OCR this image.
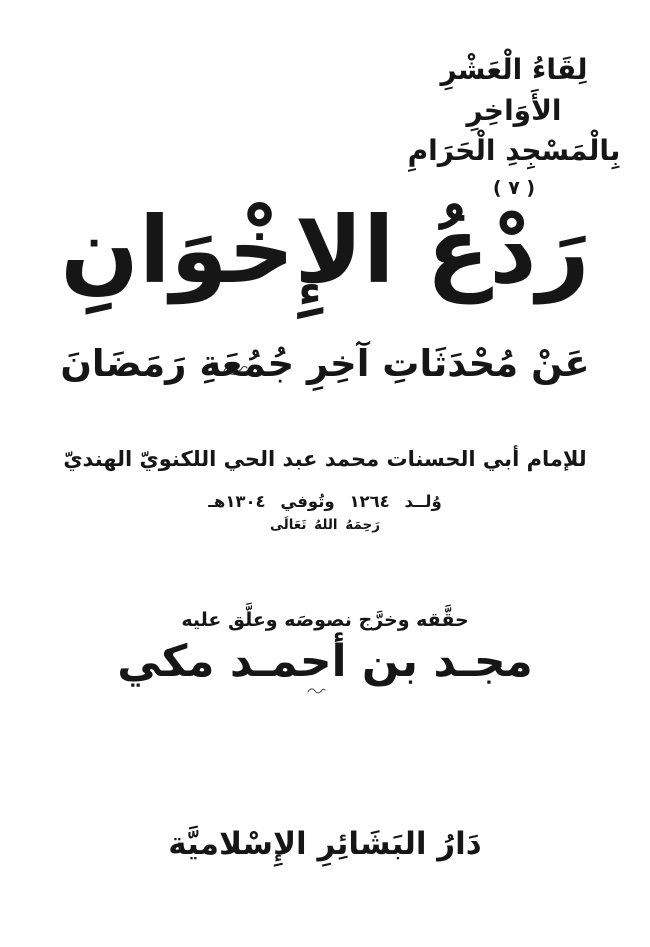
لِقَاءُ الْعَشْرِ الأَوَاخِرِ
بِالْمَسْجِدِ الْحَرَامِ
( ٧ )
رَدْعُ الإِخْوَانِ
عَنْ مُحْدَثَاتِ آخِرِ جُمُعَةِ رَمَضَانَ
للإمام أبي الحسنات محمد عبد الحي اللكنويّ الهنديّ
وُلــد ١٢٦٤ وتُوفي ١٣٠٤هـ
رَحِمَهُ اللهُ تَعَالَى
حقَّقه وخرَّج نصوصَه وعلَّق عليه
مجـد بن أحمـد مكي
دَارُ البَشَائِرِ الإِسْلاميَّة
